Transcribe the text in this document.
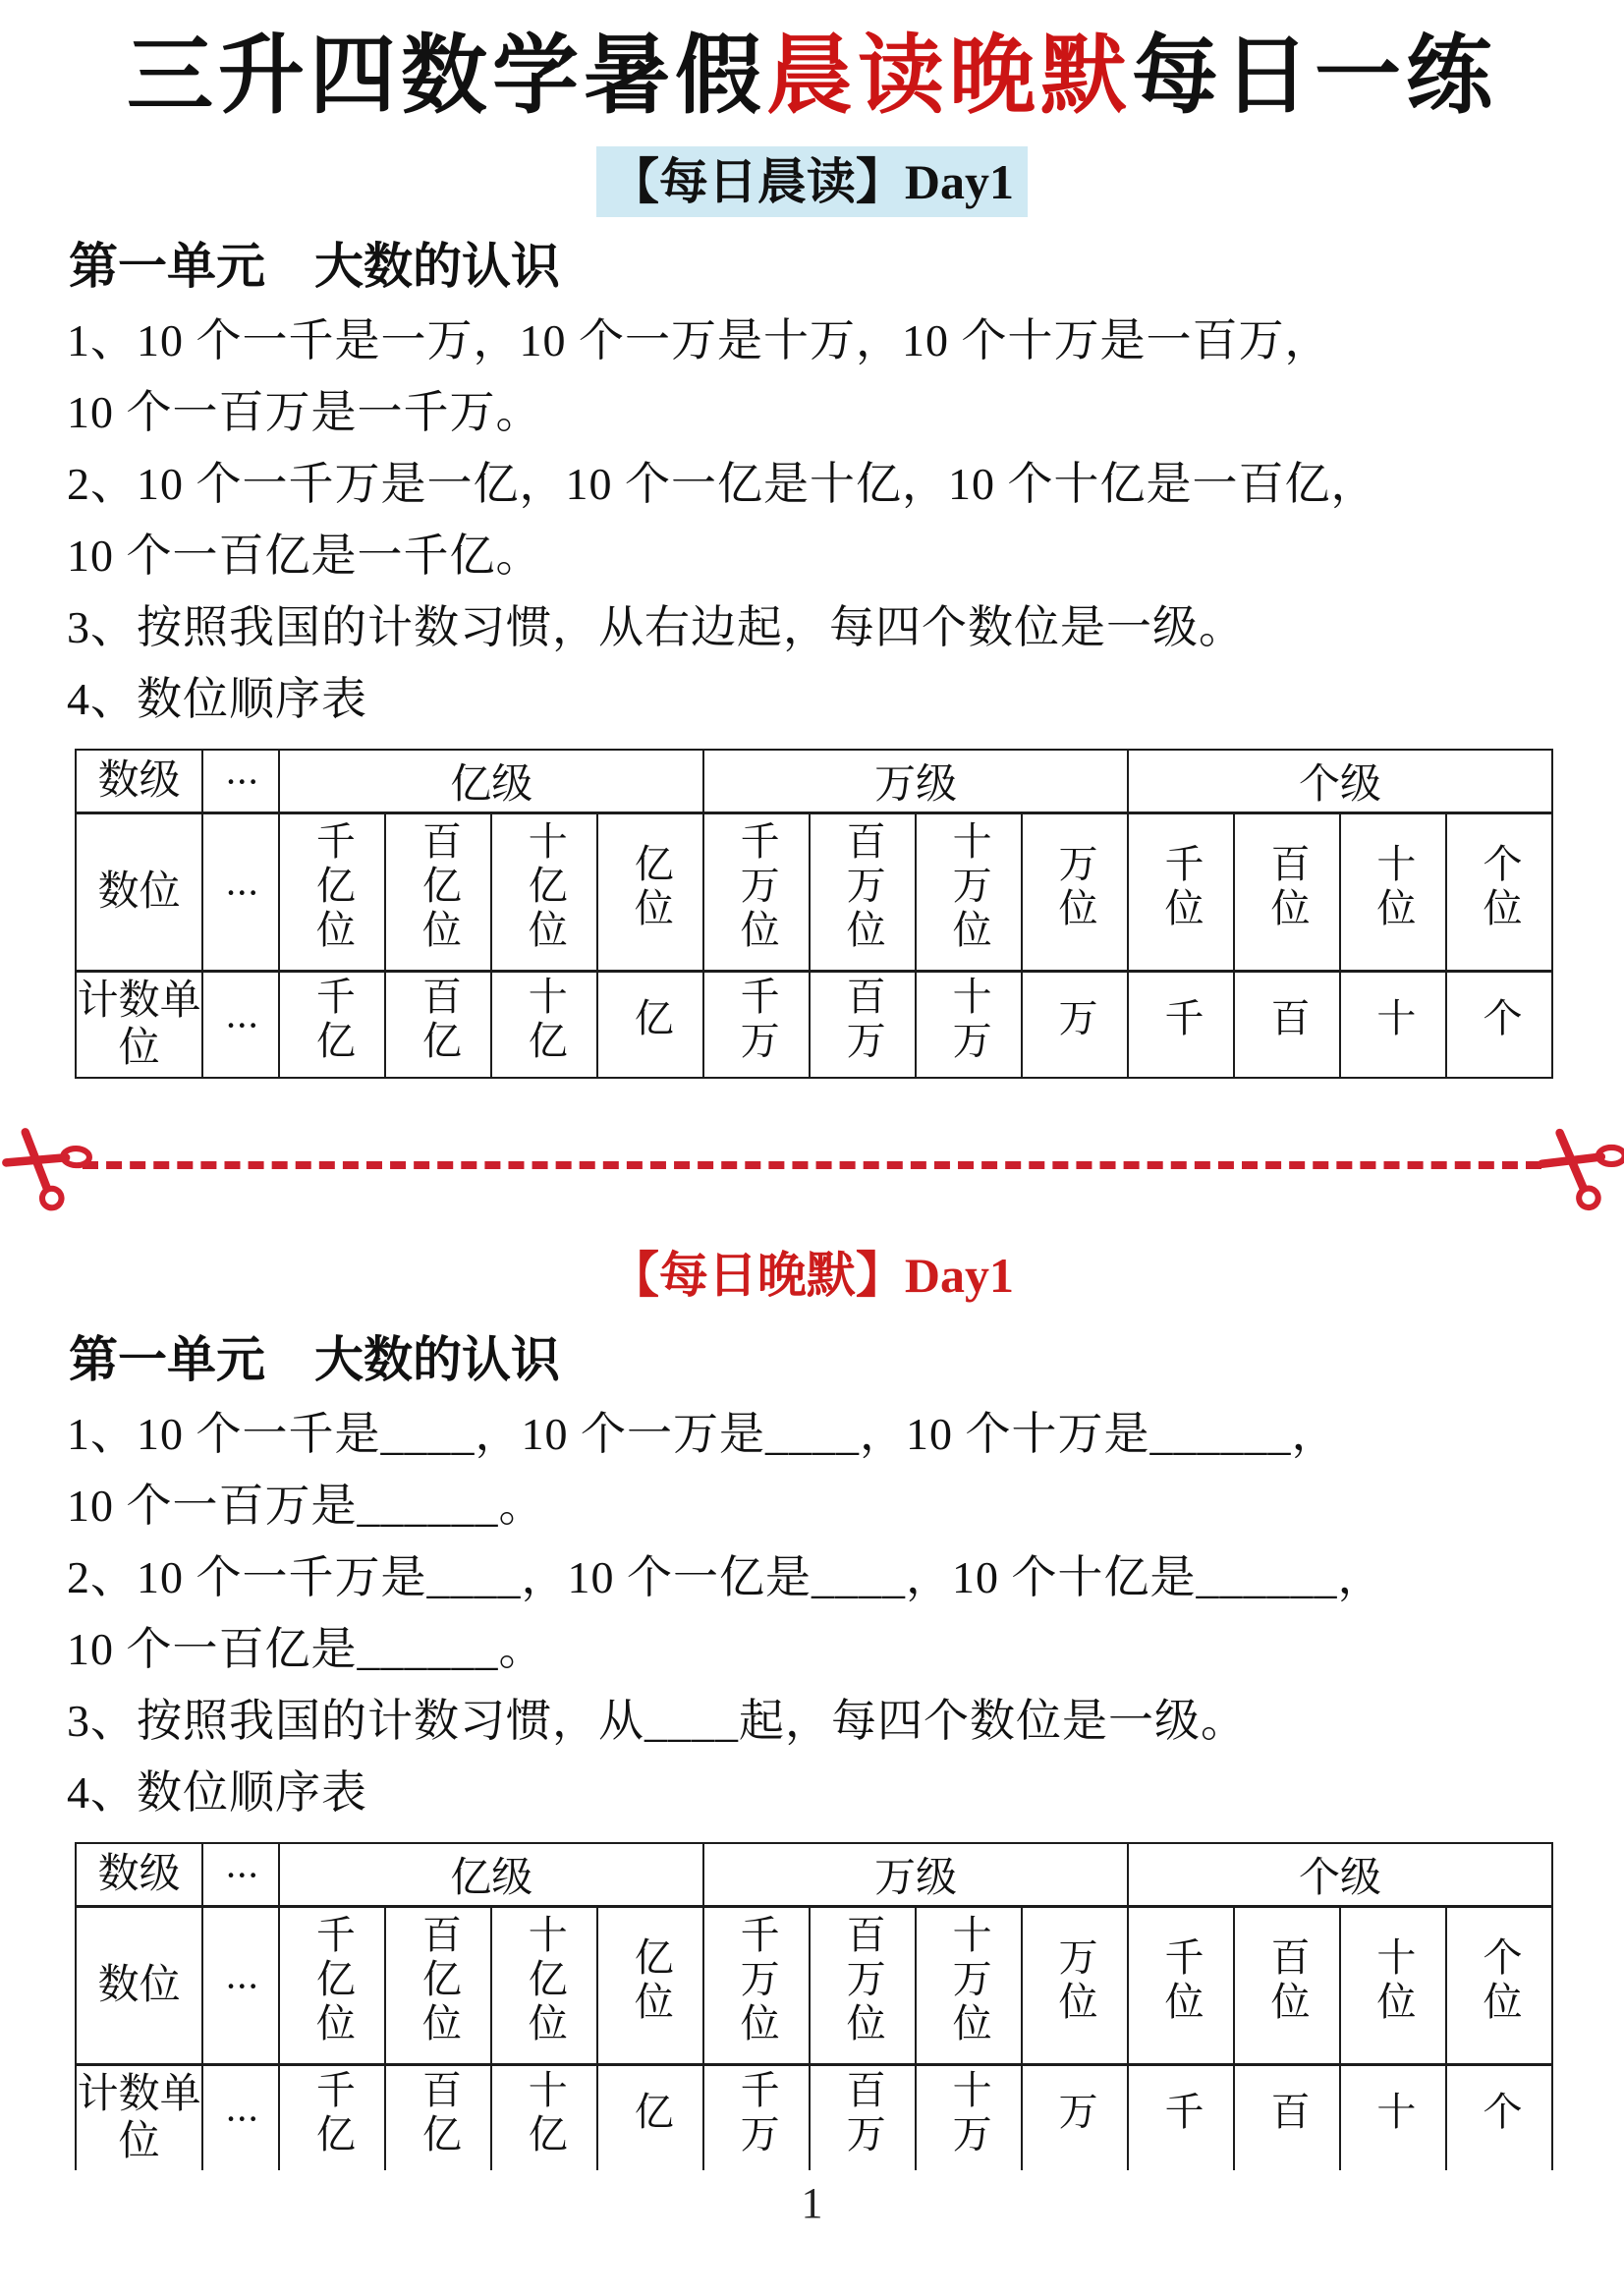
三升四数学暑假晨读晚默每日一练
【每日晨读】Day1
第一单元　大数的认识

1、10 个一千是一万，10 个一万是十万，10 个十万是一百万，

10 个一百万是一千万。

2、10 个一千万是一亿，10 个一亿是十亿，10 个十亿是一百亿，

10 个一百亿是一千亿。

3、按照我国的计数习惯，从右边起，每四个数位是一级。

4、数位顺序表

数级	···	亿级				万级				个级			
数位	···	千亿位	百亿位	十亿位	亿位	千万位	百万位	十万位	万位	千位	百位	十位	个位
计数单位	···	千亿	百亿	十亿	亿	千万	百万	十万	万	千	百	十	个
【每日晚默】Day1
第一单元　大数的认识

1、10 个一千是____，10 个一万是____，10 个十万是______，

10 个一百万是______。

2、10 个一千万是____，10 个一亿是____，10 个十亿是______，

10 个一百亿是______。

3、按照我国的计数习惯，从____起，每四个数位是一级。

4、数位顺序表

数级	···	亿级				万级				个级			
数位	···	千亿位	百亿位	十亿位	亿位	千万位	百万位	十万位	万位	千位	百位	十位	个位
计数单位	···	千亿	百亿	十亿	亿	千万	百万	十万	万	千	百	十	个
1
